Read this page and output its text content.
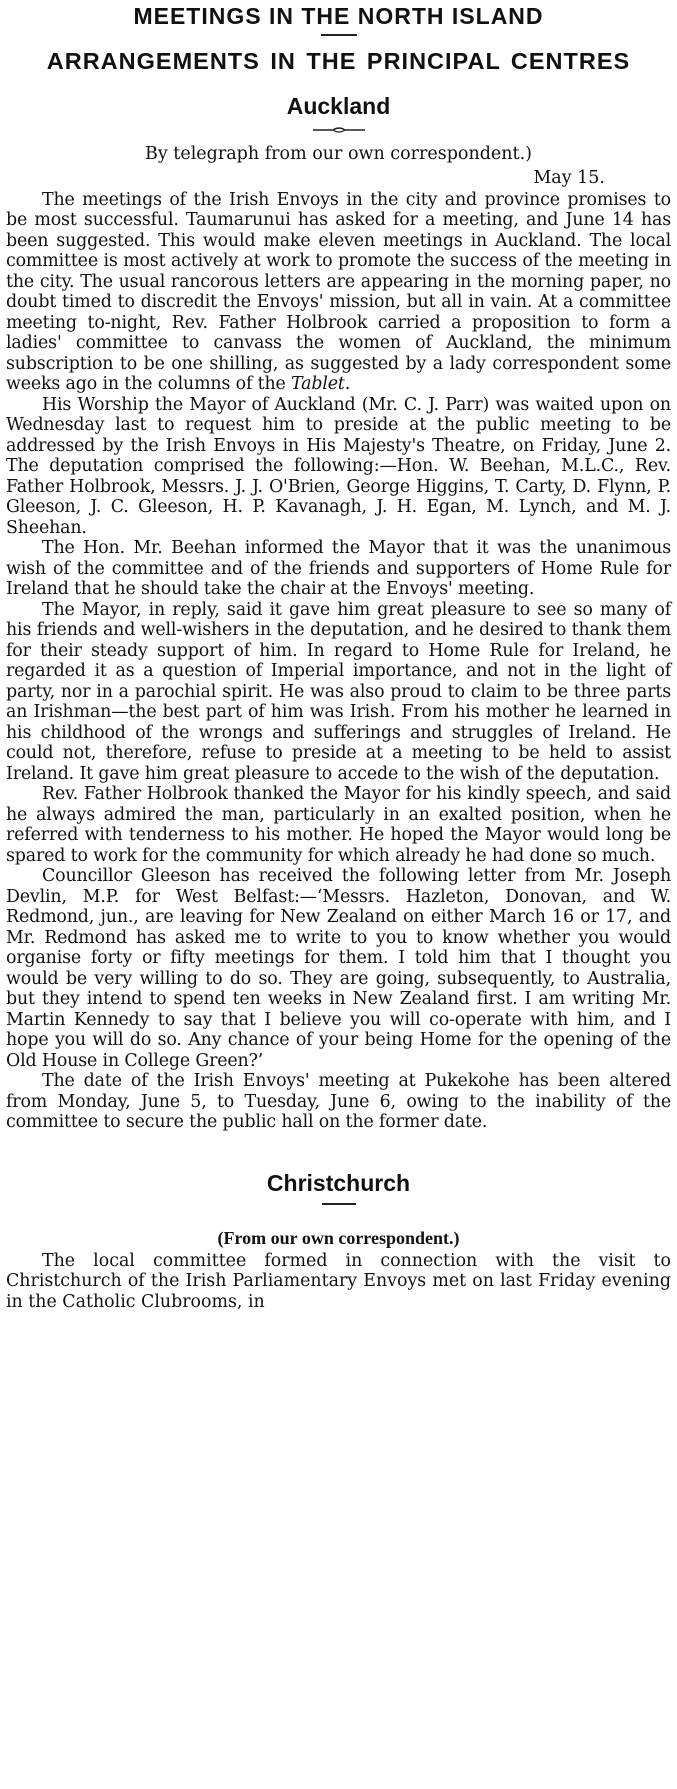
MEETINGS IN THE NORTH ISLAND
ARRANGEMENTS IN THE PRINCIPAL CENTRES
Auckland

By telegraph from our own correspondent.)

May 15.

The meetings of the Irish Envoys in the city and province promises to be most successful. Taumarunui has asked for a meeting, and June 14 has been suggested. This would make eleven meetings in Auckland. The local committee is most actively at work to promote the success of the meeting in the city. The usual rancorous letters are appearing in the morning paper, no doubt timed to discredit the Envoys' mission, but all in vain. At a committee meeting to-night, Rev. Father Holbrook carried a proposition to form a ladies' committee to canvass the women of Auckland, the minimum subscription to be one shilling, as suggested by a lady correspondent some weeks ago in the columns of the Tablet.

His Worship the Mayor of Auckland (Mr. C. J. Parr) was waited upon on Wednesday last to request him to preside at the public meeting to be addressed by the Irish Envoys in His Majesty's Theatre, on Friday, June 2. The deputation comprised the following:—Hon. W. Beehan, M.L.C., Rev. Father Holbrook, Messrs. J. J. O'Brien, George Higgins, T. Carty, D. Flynn, P. Gleeson, J. C. Gleeson, H. P. Kavanagh, J. H. Egan, M. Lynch, and M. J. Sheehan.

The Hon. Mr. Beehan informed the Mayor that it was the unanimous wish of the committee and of the friends and supporters of Home Rule for Ireland that he should take the chair at the Envoys' meeting.

The Mayor, in reply, said it gave him great pleasure to see so many of his friends and well-wishers in the deputation, and he desired to thank them for their steady support of him. In regard to Home Rule for Ireland, he regarded it as a question of Imperial importance, and not in the light of party, nor in a parochial spirit. He was also proud to claim to be three parts an Irishman—the best part of him was Irish. From his mother he learned in his childhood of the wrongs and sufferings and struggles of Ireland. He could not, therefore, refuse to preside at a meeting to be held to assist Ireland. It gave him great pleasure to accede to the wish of the deputation.

Rev. Father Holbrook thanked the Mayor for his kindly speech, and said he always admired the man, particularly in an exalted position, when he referred with tenderness to his mother. He hoped the Mayor would long be spared to work for the community for which already he had done so much.

Councillor Gleeson has received the following letter from Mr. Joseph Devlin, M.P. for West Belfast:—‘Messrs. Hazleton, Donovan, and W. Redmond, jun., are leaving for New Zealand on either March 16 or 17, and Mr. Redmond has asked me to write to you to know whether you would organise forty or fifty meetings for them. I told him that I thought you would be very willing to do so. They are going, subsequently, to Australia, but they intend to spend ten weeks in New Zealand first. I am writing Mr. Martin Kennedy to say that I believe you will co-operate with him, and I hope you will do so. Any chance of your being Home for the opening of the Old House in College Green?’

The date of the Irish Envoys' meeting at Pukekohe has been altered from Monday, June 5, to Tuesday, June 6, owing to the inability of the committee to secure the public hall on the former date.

Christchurch

(From our own correspondent.)

The local committee formed in connection with the visit to Christchurch of the Irish Parliamentary Envoys met on last Friday evening in the Catholic Clubrooms, in
